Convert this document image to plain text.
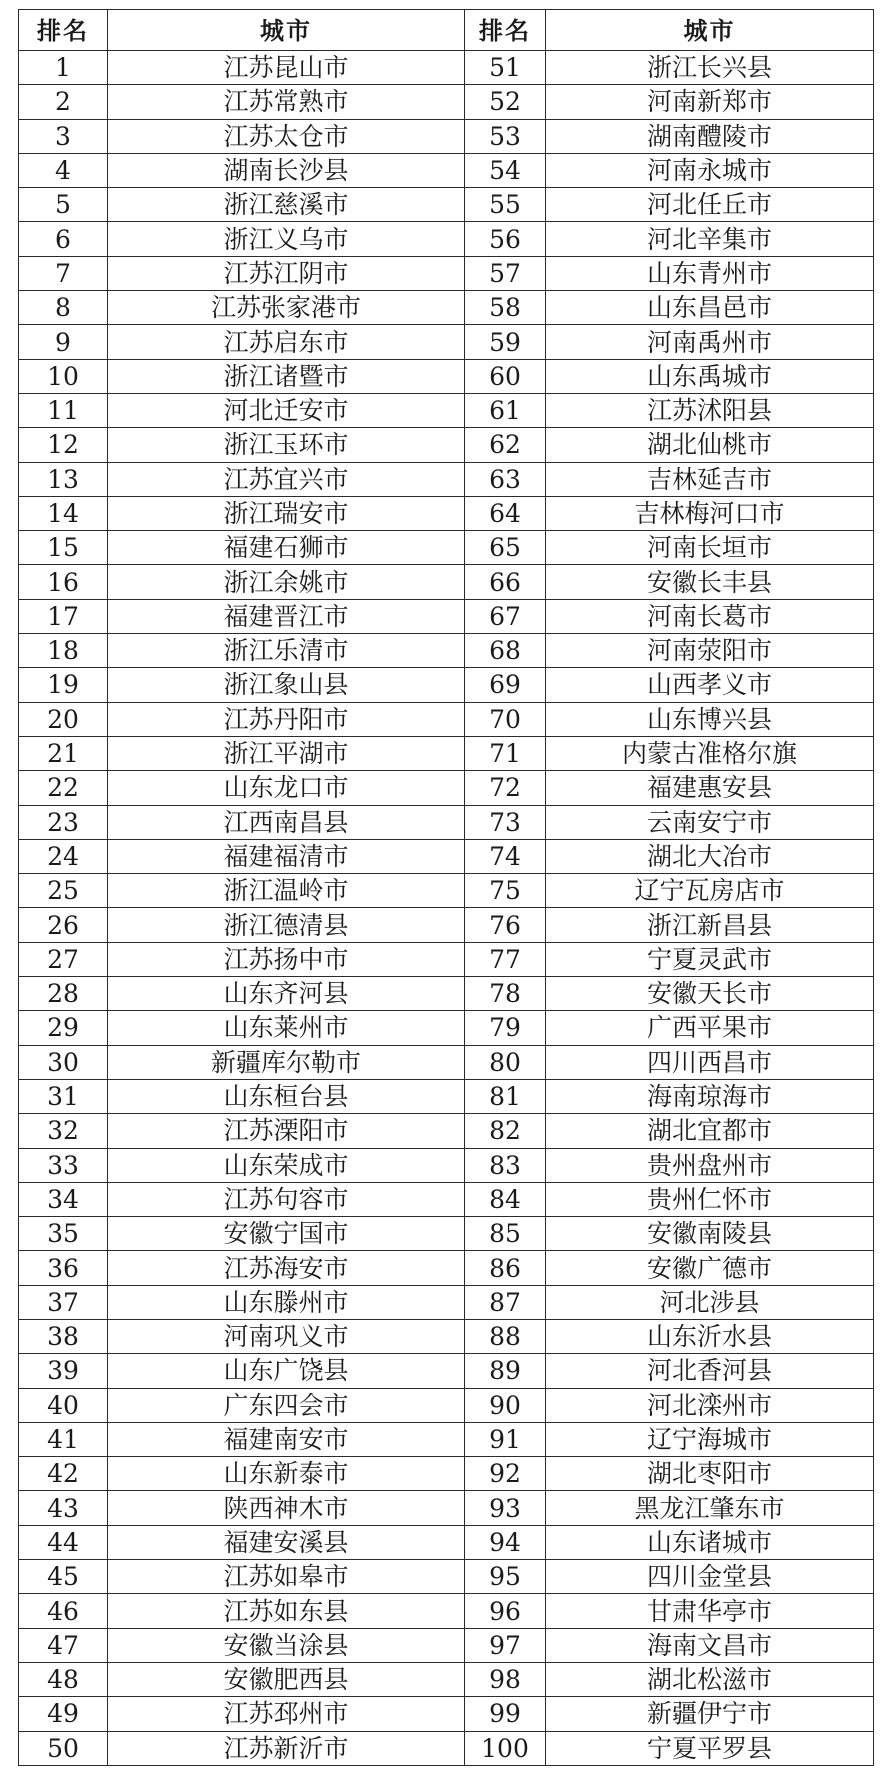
排名	城市	排名	城市
1	江苏昆山市	51	浙江长兴县
2	江苏常熟市	52	河南新郑市
3	江苏太仓市	53	湖南醴陵市
4	湖南长沙县	54	河南永城市
5	浙江慈溪市	55	河北任丘市
6	浙江义乌市	56	河北辛集市
7	江苏江阴市	57	山东青州市
8	江苏张家港市	58	山东昌邑市
9	江苏启东市	59	河南禹州市
10	浙江诸暨市	60	山东禹城市
11	河北迁安市	61	江苏沭阳县
12	浙江玉环市	62	湖北仙桃市
13	江苏宜兴市	63	吉林延吉市
14	浙江瑞安市	64	吉林梅河口市
15	福建石狮市	65	河南长垣市
16	浙江余姚市	66	安徽长丰县
17	福建晋江市	67	河南长葛市
18	浙江乐清市	68	河南荥阳市
19	浙江象山县	69	山西孝义市
20	江苏丹阳市	70	山东博兴县
21	浙江平湖市	71	内蒙古准格尔旗
22	山东龙口市	72	福建惠安县
23	江西南昌县	73	云南安宁市
24	福建福清市	74	湖北大冶市
25	浙江温岭市	75	辽宁瓦房店市
26	浙江德清县	76	浙江新昌县
27	江苏扬中市	77	宁夏灵武市
28	山东齐河县	78	安徽天长市
29	山东莱州市	79	广西平果市
30	新疆库尔勒市	80	四川西昌市
31	山东桓台县	81	海南琼海市
32	江苏溧阳市	82	湖北宜都市
33	山东荣成市	83	贵州盘州市
34	江苏句容市	84	贵州仁怀市
35	安徽宁国市	85	安徽南陵县
36	江苏海安市	86	安徽广德市
37	山东滕州市	87	河北涉县
38	河南巩义市	88	山东沂水县
39	山东广饶县	89	河北香河县
40	广东四会市	90	河北滦州市
41	福建南安市	91	辽宁海城市
42	山东新泰市	92	湖北枣阳市
43	陕西神木市	93	黑龙江肇东市
44	福建安溪县	94	山东诸城市
45	江苏如皋市	95	四川金堂县
46	江苏如东县	96	甘肃华亭市
47	安徽当涂县	97	海南文昌市
48	安徽肥西县	98	湖北松滋市
49	江苏邳州市	99	新疆伊宁市
50	江苏新沂市	100	宁夏平罗县
